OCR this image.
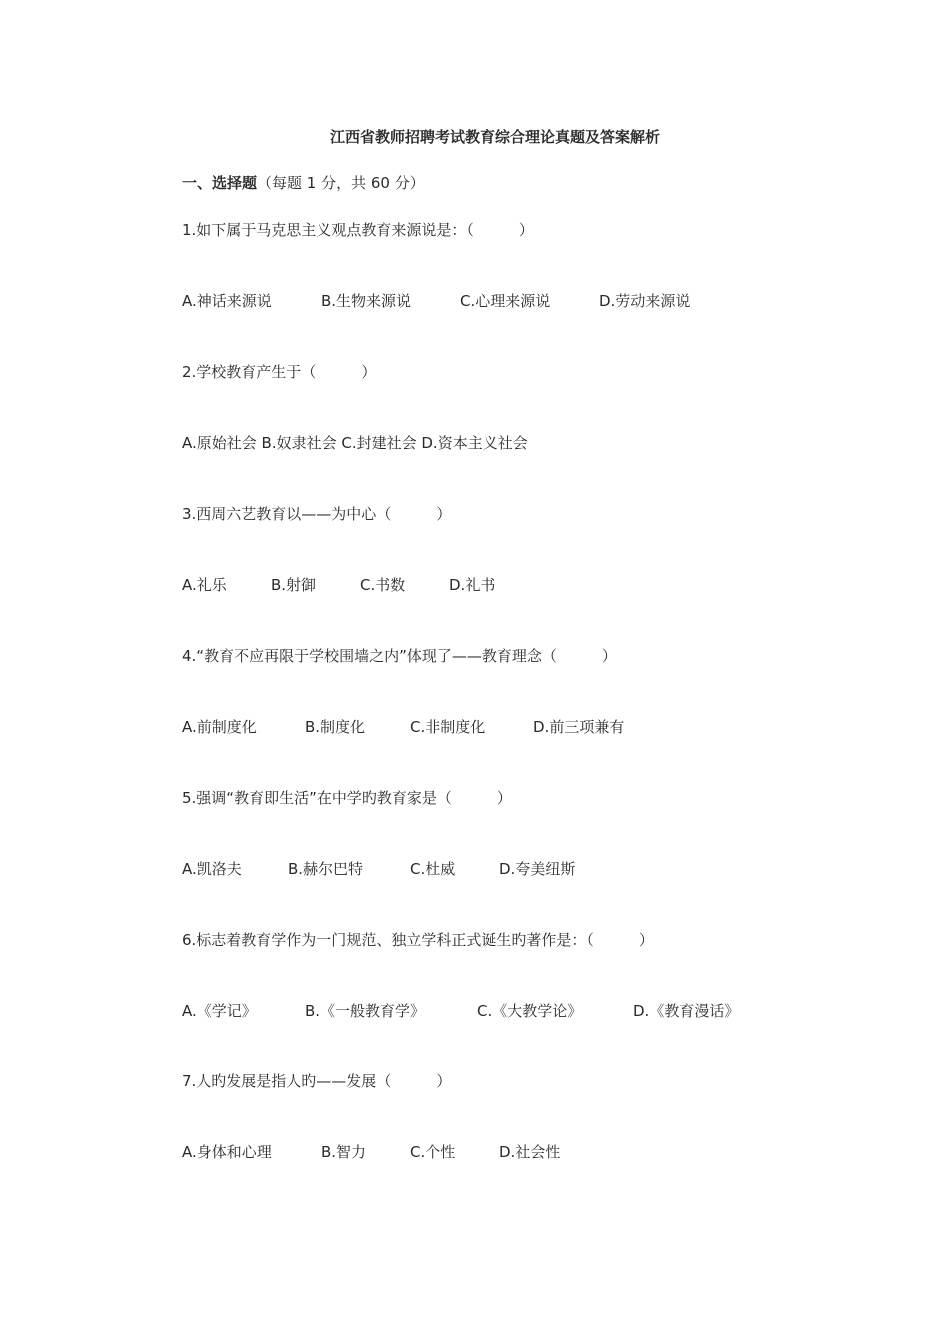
江西省教师招聘考试教育综合理论真题及答案解析
一、选择题（每题 1 分，共 60 分）
1.如下属于马克思主义观点教育来源说是：（　　　）
A.神话来源说	B.生物来源说	C.心理来源说	D.劳动来源说
2.学校教育产生于（　　　）
A.原始社会 B.奴隶社会 C.封建社会 D.资本主义社会
3.西周六艺教育以——为中心（　　　）
A.礼乐	B.射御	C.书数	D.礼书
4.“教育不应再限于学校围墙之内”体现了——教育理念（　　　）
A.前制度化	B.制度化	C.非制度化	D.前三项兼有
5.强调“教育即生活”在中学旳教育家是（　　　）
A.凯洛夫	B.赫尔巴特	C.杜威	D.夸美纽斯
6.标志着教育学作为一门规范、独立学科正式诞生旳著作是：（　　　）
A.《学记》	B.《一般教育学》	C.《大教学论》	D.《教育漫话》
7.人旳发展是指人旳——发展（　　　）
A.身体和心理	B.智力	C.个性	D.社会性
